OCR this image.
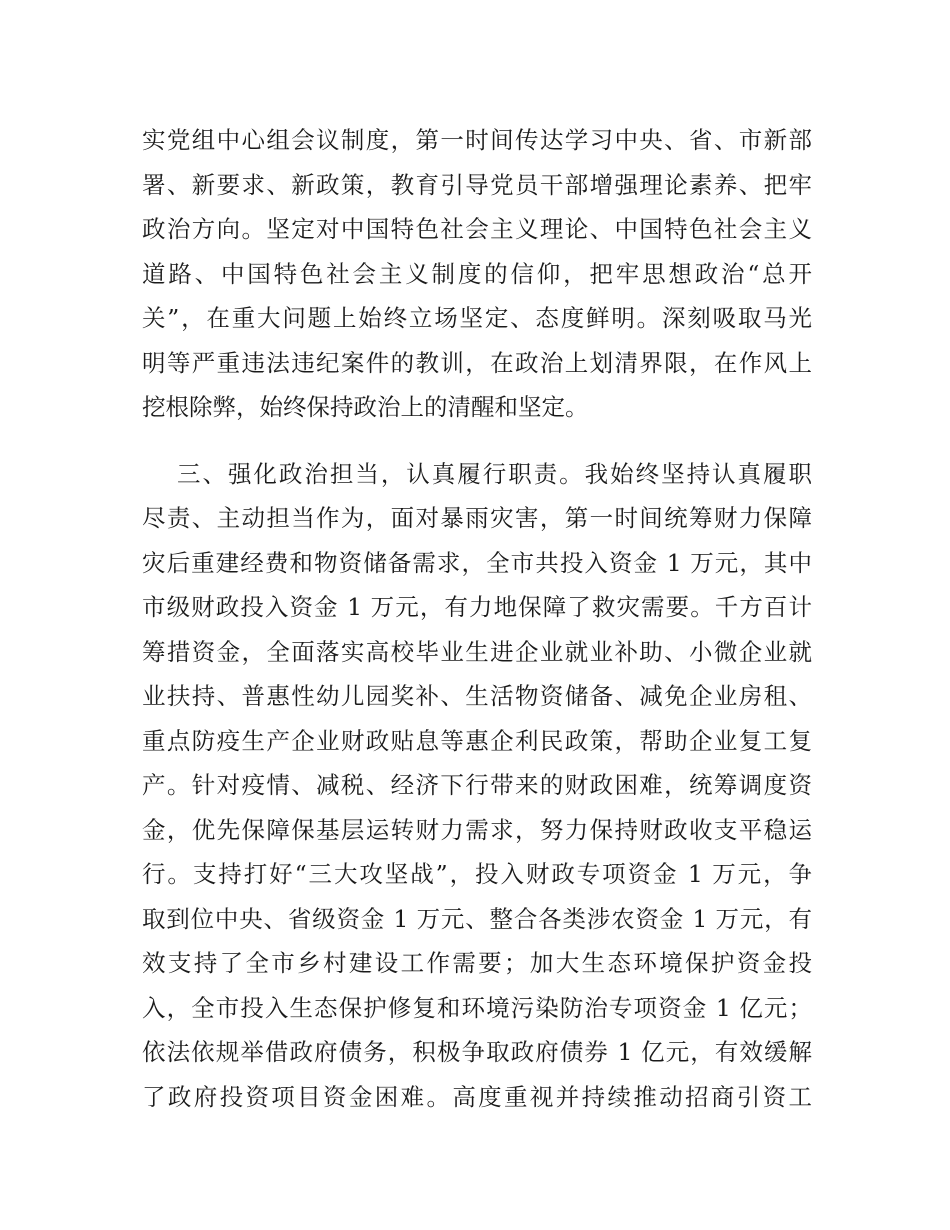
实党组中心组会议制度，第一时间传达学习中央、省、市新部
署、新要求、新政策，教育引导党员干部增强理论素养、把牢
政治方向。坚定对中国特色社会主义理论、中国特色社会主义
道路、中国特色社会主义制度的信仰，把牢思想政治“总开
关”，在重大问题上始终立场坚定、态度鲜明。深刻吸取马光
明等严重违法违纪案件的教训，在政治上划清界限，在作风上
挖根除弊，始终保持政治上的清醒和坚定。
三、强化政治担当，认真履行职责。我始终坚持认真履职
尽责、主动担当作为，面对暴雨灾害，第一时间统筹财力保障
灾后重建经费和物资储备需求，全市共投入资金 1 万元，其中
市级财政投入资金 1 万元，有力地保障了救灾需要。千方百计
筹措资金，全面落实高校毕业生进企业就业补助、小微企业就
业扶持、普惠性幼儿园奖补、生活物资储备、减免企业房租、
重点防疫生产企业财政贴息等惠企利民政策，帮助企业复工复
产。针对疫情、减税、经济下行带来的财政困难，统筹调度资
金，优先保障保基层运转财力需求，努力保持财政收支平稳运
行。支持打好“三大攻坚战”，投入财政专项资金 1 万元，争
取到位中央、省级资金 1 万元、整合各类涉农资金 1 万元，有
效支持了全市乡村建设工作需要；加大生态环境保护资金投
入，全市投入生态保护修复和环境污染防治专项资金 1 亿元；
依法依规举借政府债务，积极争取政府债券 1 亿元，有效缓解
了政府投资项目资金困难。高度重视并持续推动招商引资工
